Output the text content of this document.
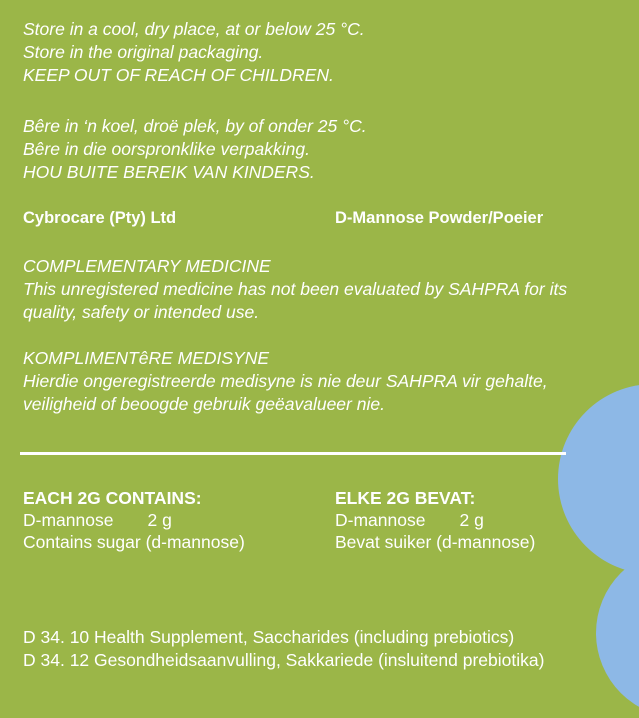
Store in a cool, dry place, at or below 25 °C.
Store in the original packaging.
KEEP OUT OF REACH OF CHILDREN.
Bêre in ‘n koel, droë plek, by of onder 25 °C.
Bêre in die oorspronklike verpakking.
HOU BUITE BEREIK VAN KINDERS.
Cybrocare (Pty) Ltd	D-Mannose Powder/Poeier
COMPLEMENTARY MEDICINE
This unregistered medicine has not been evaluated by SAHPRA for its
quality, safety or intended use.
KOMPLIMENTêRE MEDISYNE
Hierdie ongeregistreerde medisyne is nie deur SAHPRA vir gehalte,
veiligheid of beoogde gebruik geëavalueer nie.
EACH 2G CONTAINS:
D-mannose 2 g
Contains sugar (d-mannose)
ELKE 2G BEVAT:
D-mannose 2 g
Bevat suiker (d-mannose)
D 34. 10 Health Supplement, Saccharides (including prebiotics)
D 34. 12 Gesondheidsaanvulling, Sakkariede (insluitend prebiotika)
